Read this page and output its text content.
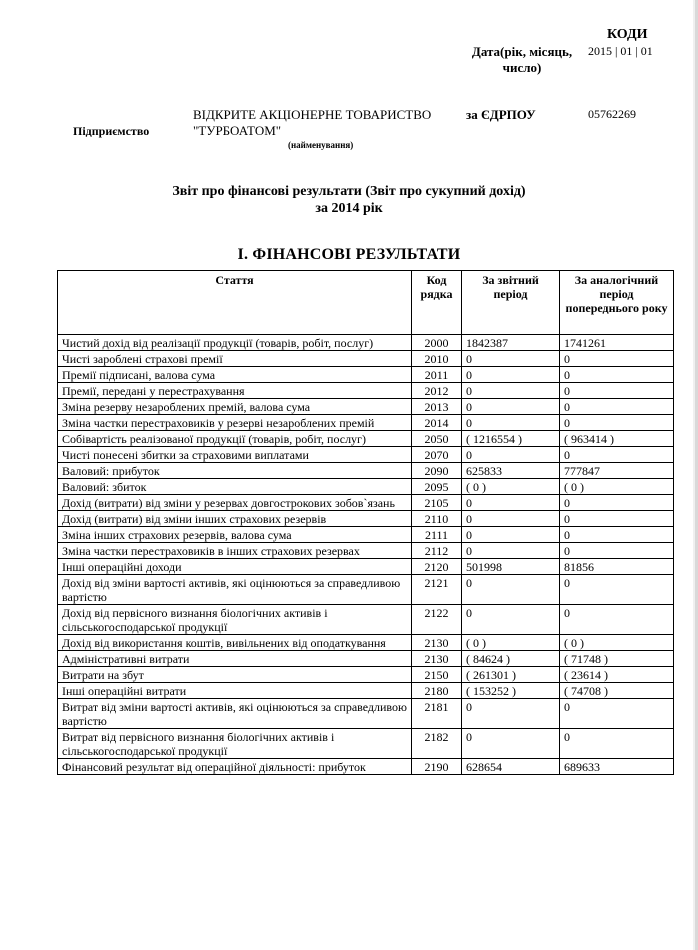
КОДИ
Дата(рік, місяць, число)
2015 | 01 | 01
ВІДКРИТЕ АКЦІОНЕРНЕ ТОВАРИСТВО "ТУРБОАТОМ"
за ЄДРПОУ	05762269
Підприємство
(найменування)
Звіт про фінансові результати (Звіт про сукупний дохід)
за 2014 рік
І. ФІНАНСОВІ РЕЗУЛЬТАТИ
Стаття	Код рядка	За звітний період	За аналогічний період попереднього року
Чистий дохід від реалізації продукції (товарів, робіт, послуг)	2000	1842387	1741261
Чисті зароблені страхові премії	2010	0	0
Премії підписані, валова сума	2011	0	0
Премії, передані у перестрахування	2012	0	0
Зміна резерву незароблених премій, валова сума	2013	0	0
Зміна частки перестраховиків у резерві незароблених премій	2014	0	0
Собівартість реалізованої продукції (товарів, робіт, послуг)	2050	( 1216554 )	( 963414 )
Чисті понесені збитки за страховими виплатами	2070	0	0
Валовий: прибуток	2090	625833	777847
Валовий: збиток	2095	( 0 )	( 0 )
Дохід (витрати) від зміни у резервах довгострокових зобов`язань	2105	0	0
Дохід (витрати) від зміни інших страхових резервів	2110	0	0
Зміна інших страхових резервів, валова сума	2111	0	0
Зміна частки перестраховиків в інших страхових резервах	2112	0	0
Інші операційні доходи	2120	501998	81856
Дохід від зміни вартості активів, які оцінюються за справедливою вартістю	2121	0	0
Дохід від первісного визнання біологічних активів і сільськогосподарської продукції	2122	0	0
Дохід від використання коштів, вивільнених від оподаткування	2130	( 0 )	( 0 )
Адміністративні витрати	2130	( 84624 )	( 71748 )
Витрати на збут	2150	( 261301 )	( 23614 )
Інші операційні витрати	2180	( 153252 )	( 74708 )
Витрат від зміни вартості активів, які оцінюються за справедливою вартістю	2181	0	0
Витрат від первісного визнання біологічних активів і сільськогосподарської продукції	2182	0	0
Фінансовий результат від операційної діяльності: прибуток	2190	628654	689633
